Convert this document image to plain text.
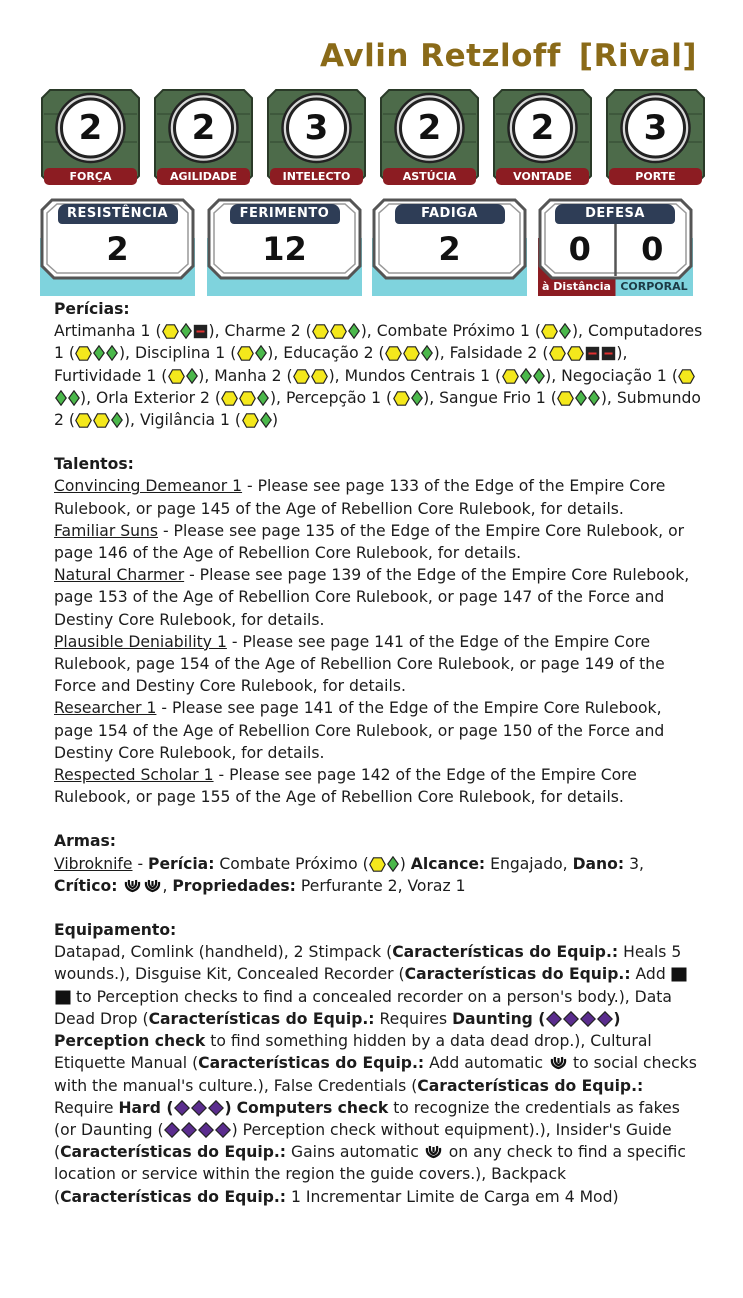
Avlin Retzloff [Rival]
2
FORÇA
2
AGILIDADE
3
INTELECTO
2
ASTÚCIA
2
VONTADE
3
PORTE
RESISTÊNCIA
2
FERIMENTO
12
FADIGA
2
DEFESA
0	0
à Distância CORPORAL

Perícias:

Artimanha 1 (	), Charme 2 (	), Combate Próximo 1 ( ), Computadores 1 (	), Disciplina 1 ( ), Educação 2 (	), Falsidade 2 (	), Furtividade 1 ( ), Manha 2 ( ), Mundos Centrais 1 (	), Negociação 1 (
), Orla Exterior 2 (	), Percepção 1 ( ), Sangue Frio 1 (	), Submundo 2 (	), Vigilância 1 ( )

Talentos:

Convincing Demeanor 1 - Please see page 133 of the Edge of the Empire Core Rulebook, or page 145 of the Age of Rebellion Core Rulebook, for details.

Familiar Suns - Please see page 135 of the Edge of the Empire Core Rulebook, or page 146 of the Age of Rebellion Core Rulebook, for details.

Natural Charmer - Please see page 139 of the Edge of the Empire Core Rulebook, page 153 of the Age of Rebellion Core Rulebook, or page 147 of the Force and Destiny Core Rulebook, for details.

Plausible Deniability 1 - Please see page 141 of the Edge of the Empire Core Rulebook, page 154 of the Age of Rebellion Core Rulebook, or page 149 of the Force and Destiny Core Rulebook, for details.

Researcher 1 - Please see page 141 of the Edge of the Empire Core Rulebook, page 154 of the Age of Rebellion Core Rulebook, or page 150 of the Force and Destiny Core Rulebook, for details.

Respected Scholar 1 - Please see page 142 of the Edge of the Empire Core Rulebook, or page 155 of the Age of Rebellion Core Rulebook, for details.

Armas:

Vibroknife - Perícia: Combate Próximo ( ) Alcance: Engajado, Dano: 3, Crítico:	, Propriedades: Perfurante 2, Voraz 1

Equipamento:

Datapad, Comlink (handheld), 2 Stimpack (Características do Equip.: Heals 5 wounds.), Disguise Kit, Concealed Recorder (Características do Equip.: Add
to Perception checks to find a concealed recorder on a person's body.), Data Dead Drop (Características do Equip.: Requires Daunting (	) Perception check to find something hidden by a data dead drop.), Cultural Etiquette Manual (Características do Equip.: Add automatic to social checks with the manual's culture.), False Credentials (Características do Equip.: Require Hard (	) Computers check to recognize the credentials as fakes (or Daunting (	) Perception check without equipment).), Insider's Guide (Características do Equip.: Gains automatic on any check to find a specific location or service within the region the guide covers.), Backpack (Características do Equip.: 1 Incrementar Limite de Carga em 4 Mod)
